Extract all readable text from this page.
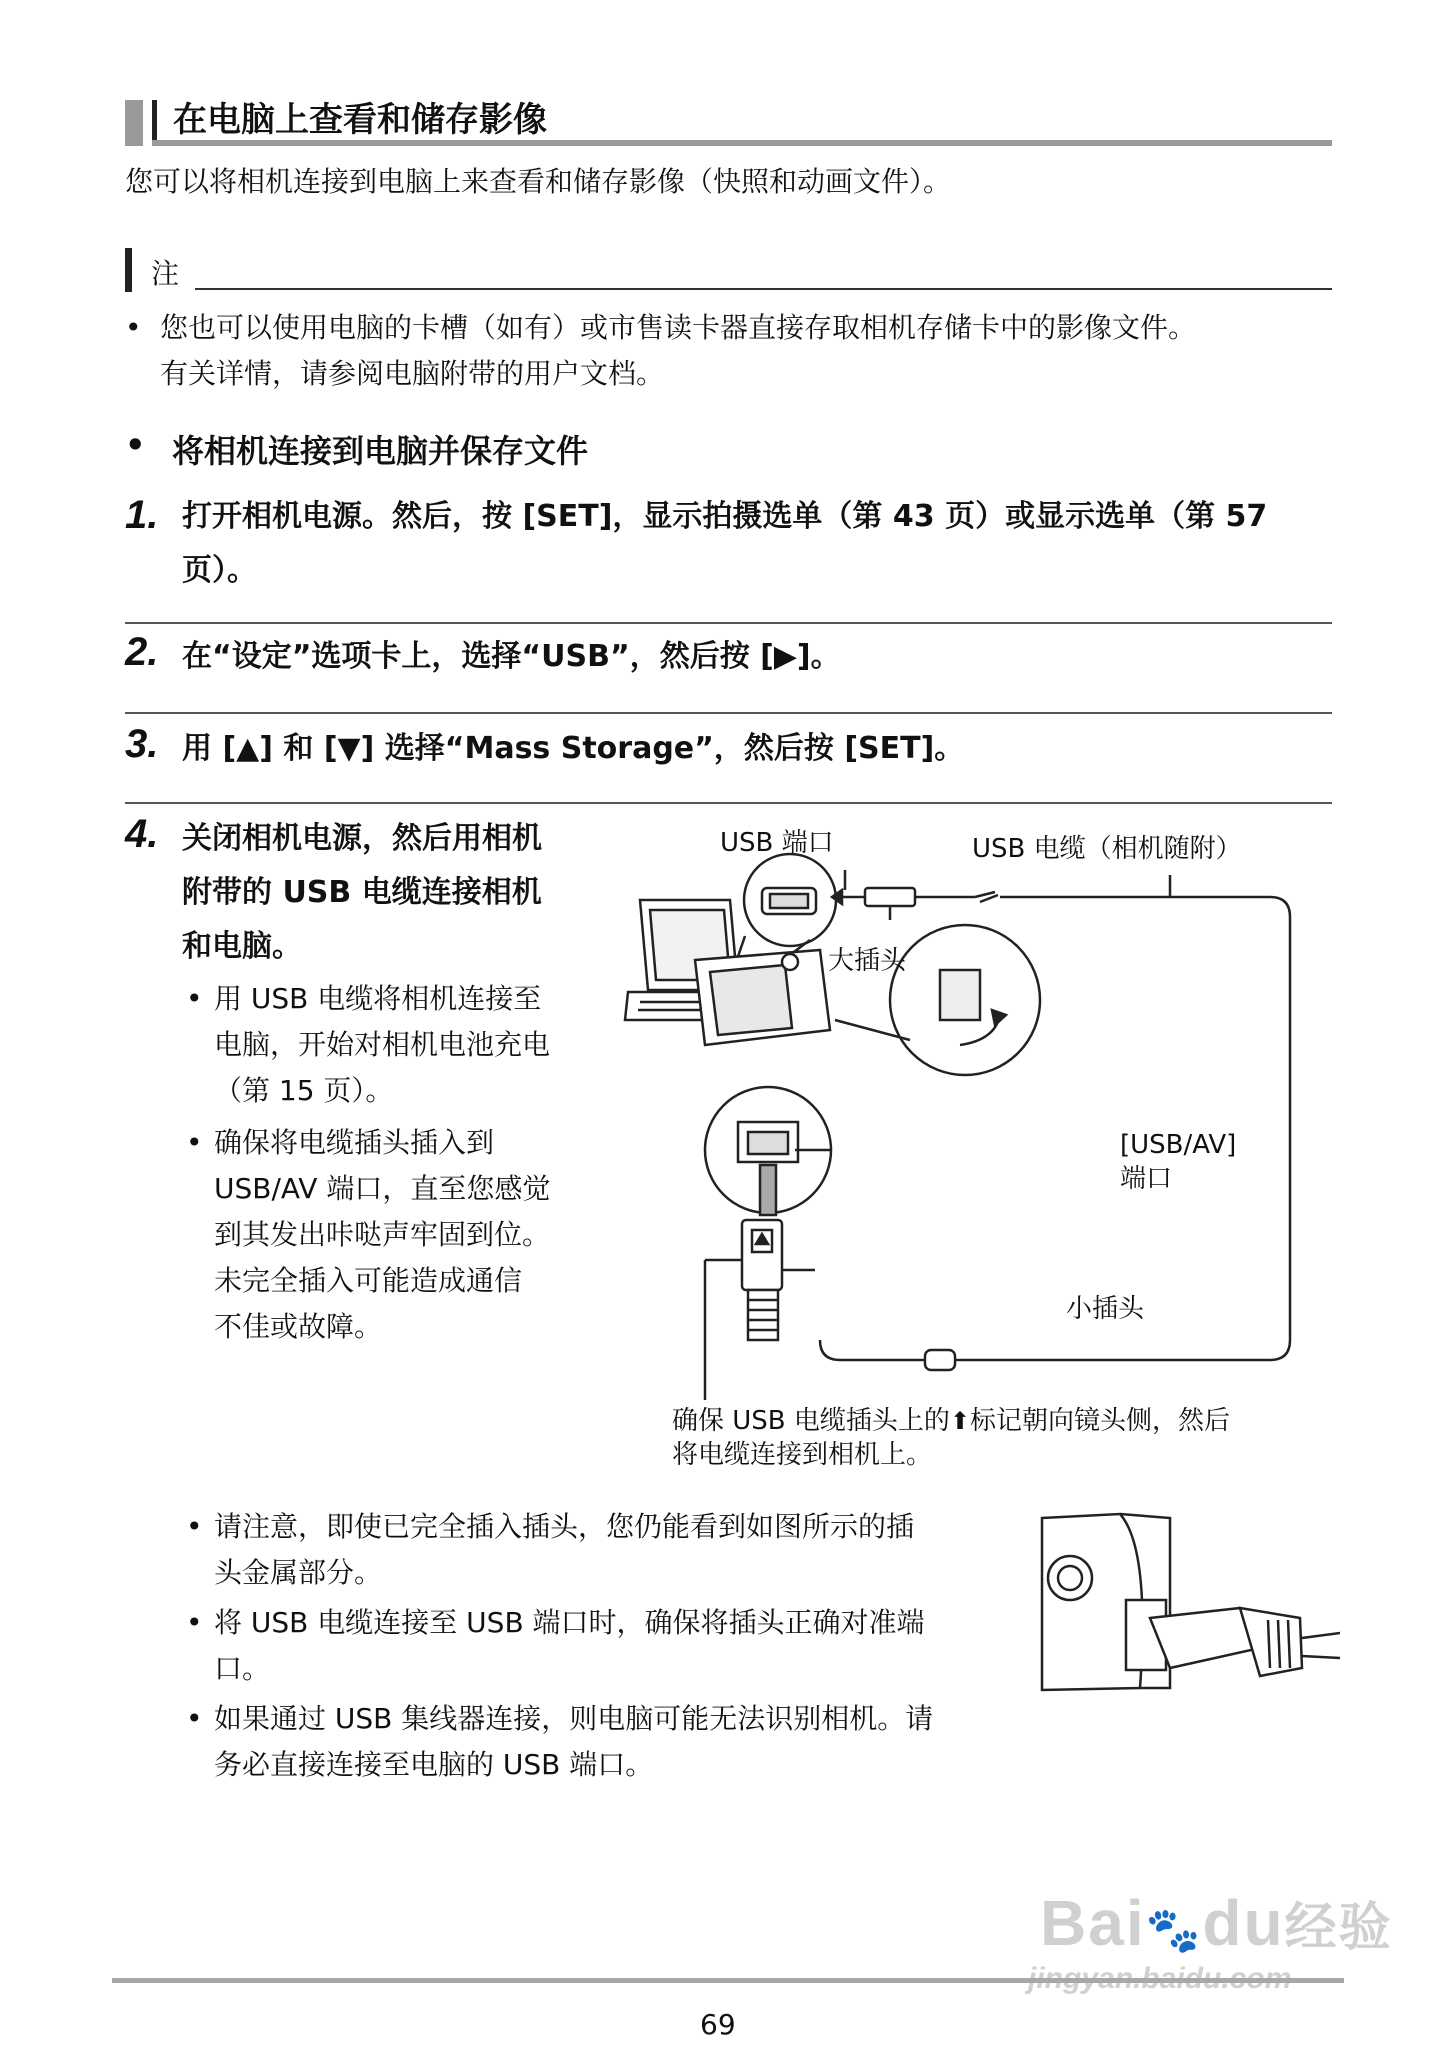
在电脑上查看和储存影像
您可以将相机连接到电脑上来查看和储存影像（快照和动画文件）。
注
• 您也可以使用电脑的卡槽（如有）或市售读卡器直接存取相机存储卡中的影像文件。
有关详情，请参阅电脑附带的用户文档。
• 将相机连接到电脑并保存文件
1. 打开相机电源。然后，按 [SET]，显示拍摄选单（第 43 页）或显示选单（第 57
页）。
2. 在“设定”选项卡上，选择“USB”，然后按 [▶]。
3. 用 [▲] 和 [▼] 选择“Mass Storage”，然后按 [SET]。
4. 关闭相机电源，然后用相机
附带的 USB 电缆连接相机
和电脑。
• 用 USB 电缆将相机连接至
电脑，开始对相机电池充电
（第 15 页）。
• 确保将电缆插头插入到
USB/AV 端口，直至您感觉
到其发出咔哒声牢固到位。
未完全插入可能造成通信
不佳或故障。
USB 端口	USB 电缆（相机随附）
大插头
[USB/AV]
端口
小插头
确保 USB 电缆插头上的⬆标记朝向镜头侧，然后
将电缆连接到相机上。
• 请注意，即使已完全插入插头，您仍能看到如图所示的插
头金属部分。
• 将 USB 电缆连接至 USB 端口时，确保将插头正确对准端
口。
• 如果通过 USB 集线器连接，则电脑可能无法识别相机。请
务必直接连接至电脑的 USB 端口。
Bai🐾du经验
69
